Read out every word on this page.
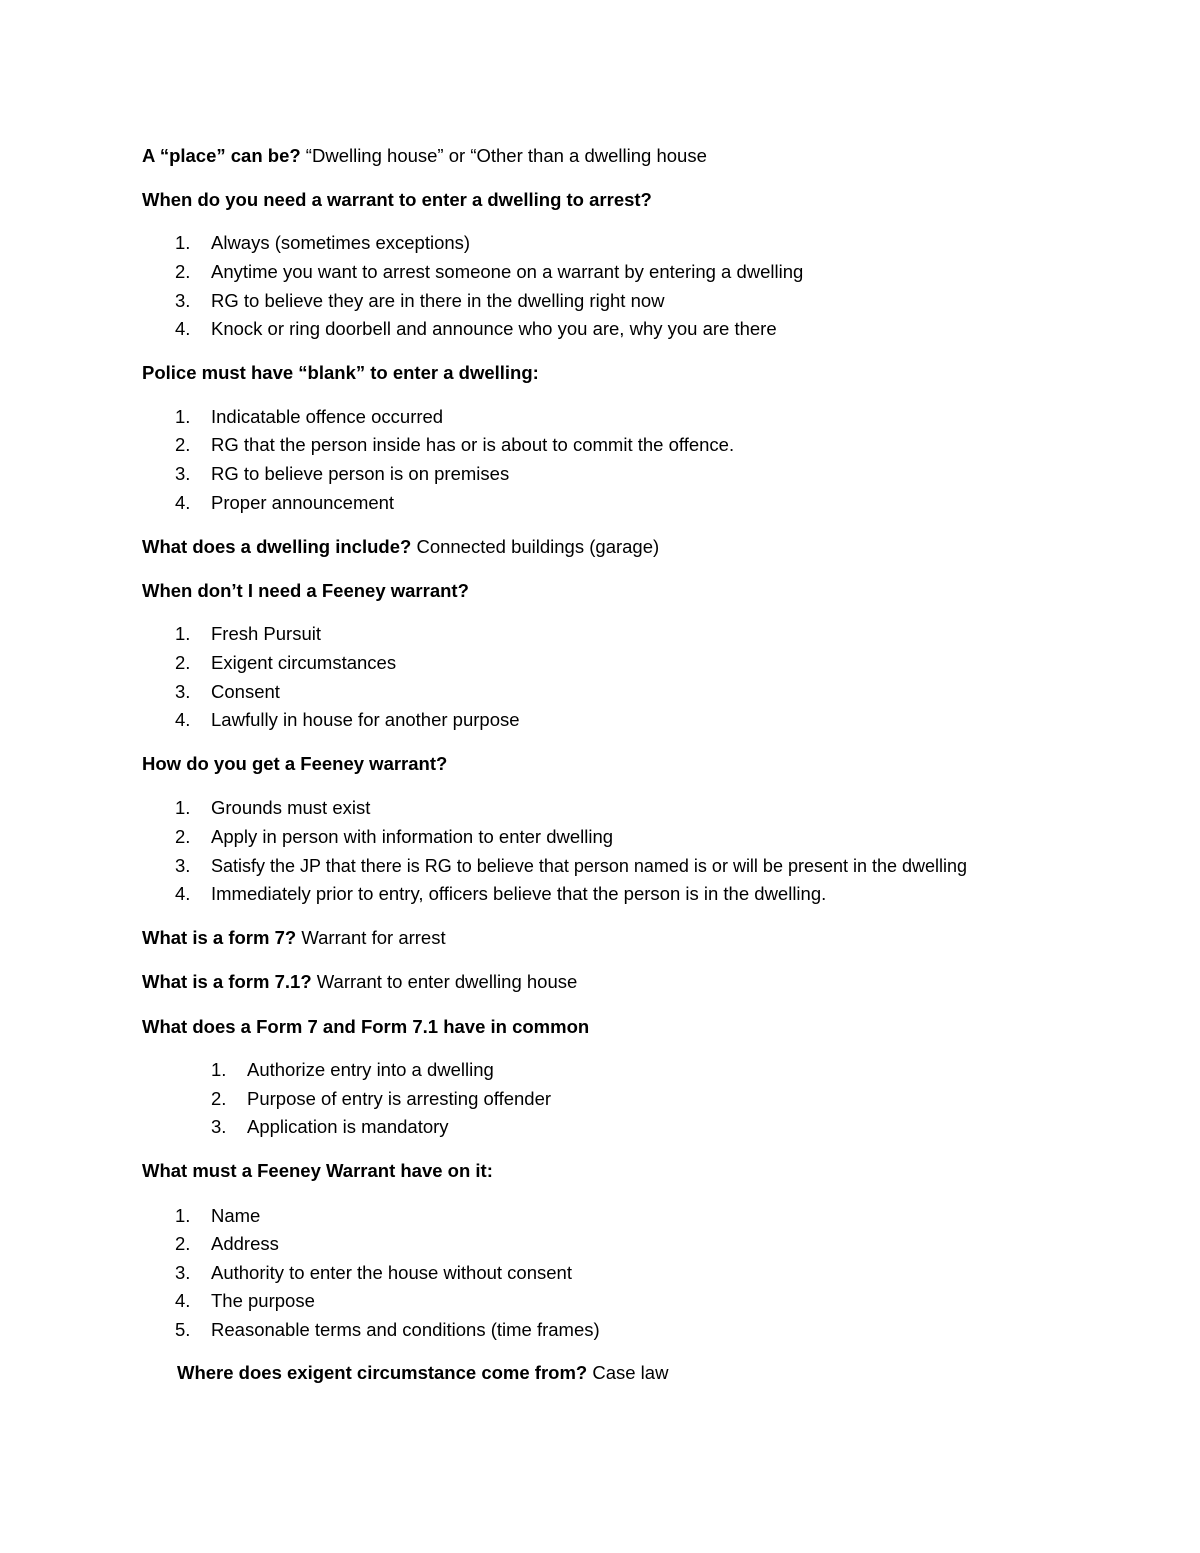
A “place” can be? “Dwelling house” or “Other than a dwelling house
When do you need a warrant to enter a dwelling to arrest?
1. Always (sometimes exceptions)
2. Anytime you want to arrest someone on a warrant by entering a dwelling
3. RG to believe they are in there in the dwelling right now
4. Knock or ring doorbell and announce who you are, why you are there
Police must have “blank” to enter a dwelling:
1. Indicatable offence occurred
2. RG that the person inside has or is about to commit the offence.
3. RG to believe person is on premises
4. Proper announcement
What does a dwelling include? Connected buildings (garage)
When don’t I need a Feeney warrant?
1. Fresh Pursuit
2. Exigent circumstances
3. Consent
4. Lawfully in house for another purpose
How do you get a Feeney warrant?
1. Grounds must exist
2. Apply in person with information to enter dwelling
3. Satisfy the JP that there is RG to believe that person named is or will be present in the dwelling
4. Immediately prior to entry, officers believe that the person is in the dwelling.
What is a form 7? Warrant for arrest
What is a form 7.1? Warrant to enter dwelling house
What does a Form 7 and Form 7.1 have in common
1. Authorize entry into a dwelling
2. Purpose of entry is arresting offender
3. Application is mandatory
What must a Feeney Warrant have on it:
1. Name
2. Address
3. Authority to enter the house without consent
4. The purpose
5. Reasonable terms and conditions (time frames)
Where does exigent circumstance come from? Case law
